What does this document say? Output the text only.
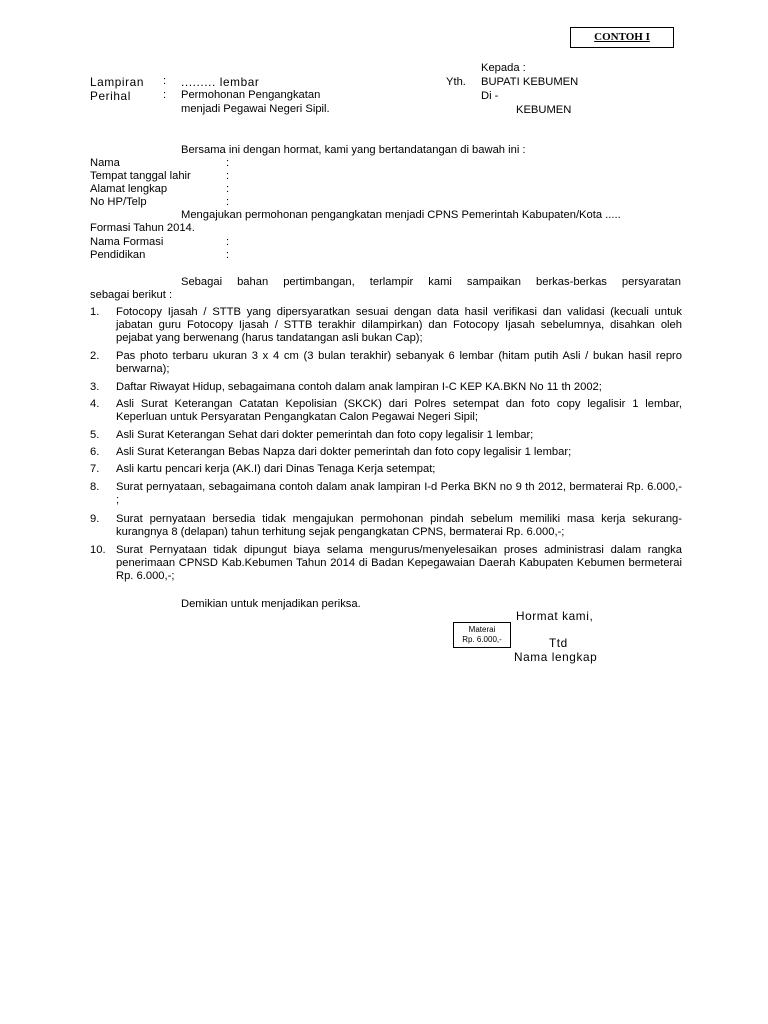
CONTOH I
Kepada :
Yth. BUPATI KEBUMEN
Di -
KEBUMEN
Lampiran : ......... lembar
Perihal	: Permohonan Pengangkatan
menjadi Pegawai Negeri Sipil.
Bersama ini dengan hormat, kami yang bertandatangan di bawah ini :
Nama	:
Tempat tanggal lahir	:
Alamat lengkap	:
No HP/Telp	:
Mengajukan permohonan pengangkatan menjadi CPNS Pemerintah Kabupaten/Kota .....
Formasi Tahun 2014.
Nama Formasi	:
Pendidikan	:
Sebagai bahan pertimbangan, terlampir kami sampaikan berkas-berkas persyaratan
sebagai berikut :
1.	Fotocopy Ijasah / STTB yang dipersyaratkan sesuai dengan data hasil verifikasi dan validasi (kecuali untuk jabatan guru Fotocopy Ijasah / STTB terakhir dilampirkan) dan Fotocopy Ijasah sebelumnya, disahkan oleh pejabat yang berwenang (harus tandatangan asli bukan Cap);
2.	Pas photo terbaru ukuran 3 x 4 cm (3 bulan terakhir) sebanyak 6 lembar (hitam putih Asli / bukan hasil repro berwarna);
3.	Daftar Riwayat Hidup, sebagaimana contoh dalam anak lampiran I-C KEP KA.BKN No 11 th 2002;
4.	Asli Surat Keterangan Catatan Kepolisian (SKCK) dari Polres setempat dan foto copy legalisir 1 lembar, Keperluan untuk Persyaratan Pengangkatan Calon Pegawai Negeri Sipil;
5.	Asli Surat Keterangan Sehat dari dokter pemerintah dan foto copy legalisir 1 lembar;
6.	Asli Surat Keterangan Bebas Napza dari dokter pemerintah dan foto copy legalisir 1 lembar;
7.	Asli kartu pencari kerja (AK.I) dari Dinas Tenaga Kerja setempat;
8.	Surat pernyataan, sebagaimana contoh dalam anak lampiran I-d Perka BKN no 9 th 2012, bermaterai Rp. 6.000,- ;
9.	Surat pernyataan bersedia tidak mengajukan permohonan pindah sebelum memiliki masa kerja sekurang-kurangnya 8 (delapan) tahun terhitung sejak pengangkatan CPNS, bermaterai Rp. 6.000,-;
10. Surat Pernyataan tidak dipungut biaya selama mengurus/menyelesaikan proses administrasi dalam rangka penerimaan CPNSD Kab.Kebumen Tahun 2014 di Badan Kepegawaian Daerah Kabupaten Kebumen bermeterai Rp. 6.000,-;
Demikian untuk menjadikan periksa.
Hormat kami,
Materai
Rp. 6.000,-	Ttd
Nama lengkap
